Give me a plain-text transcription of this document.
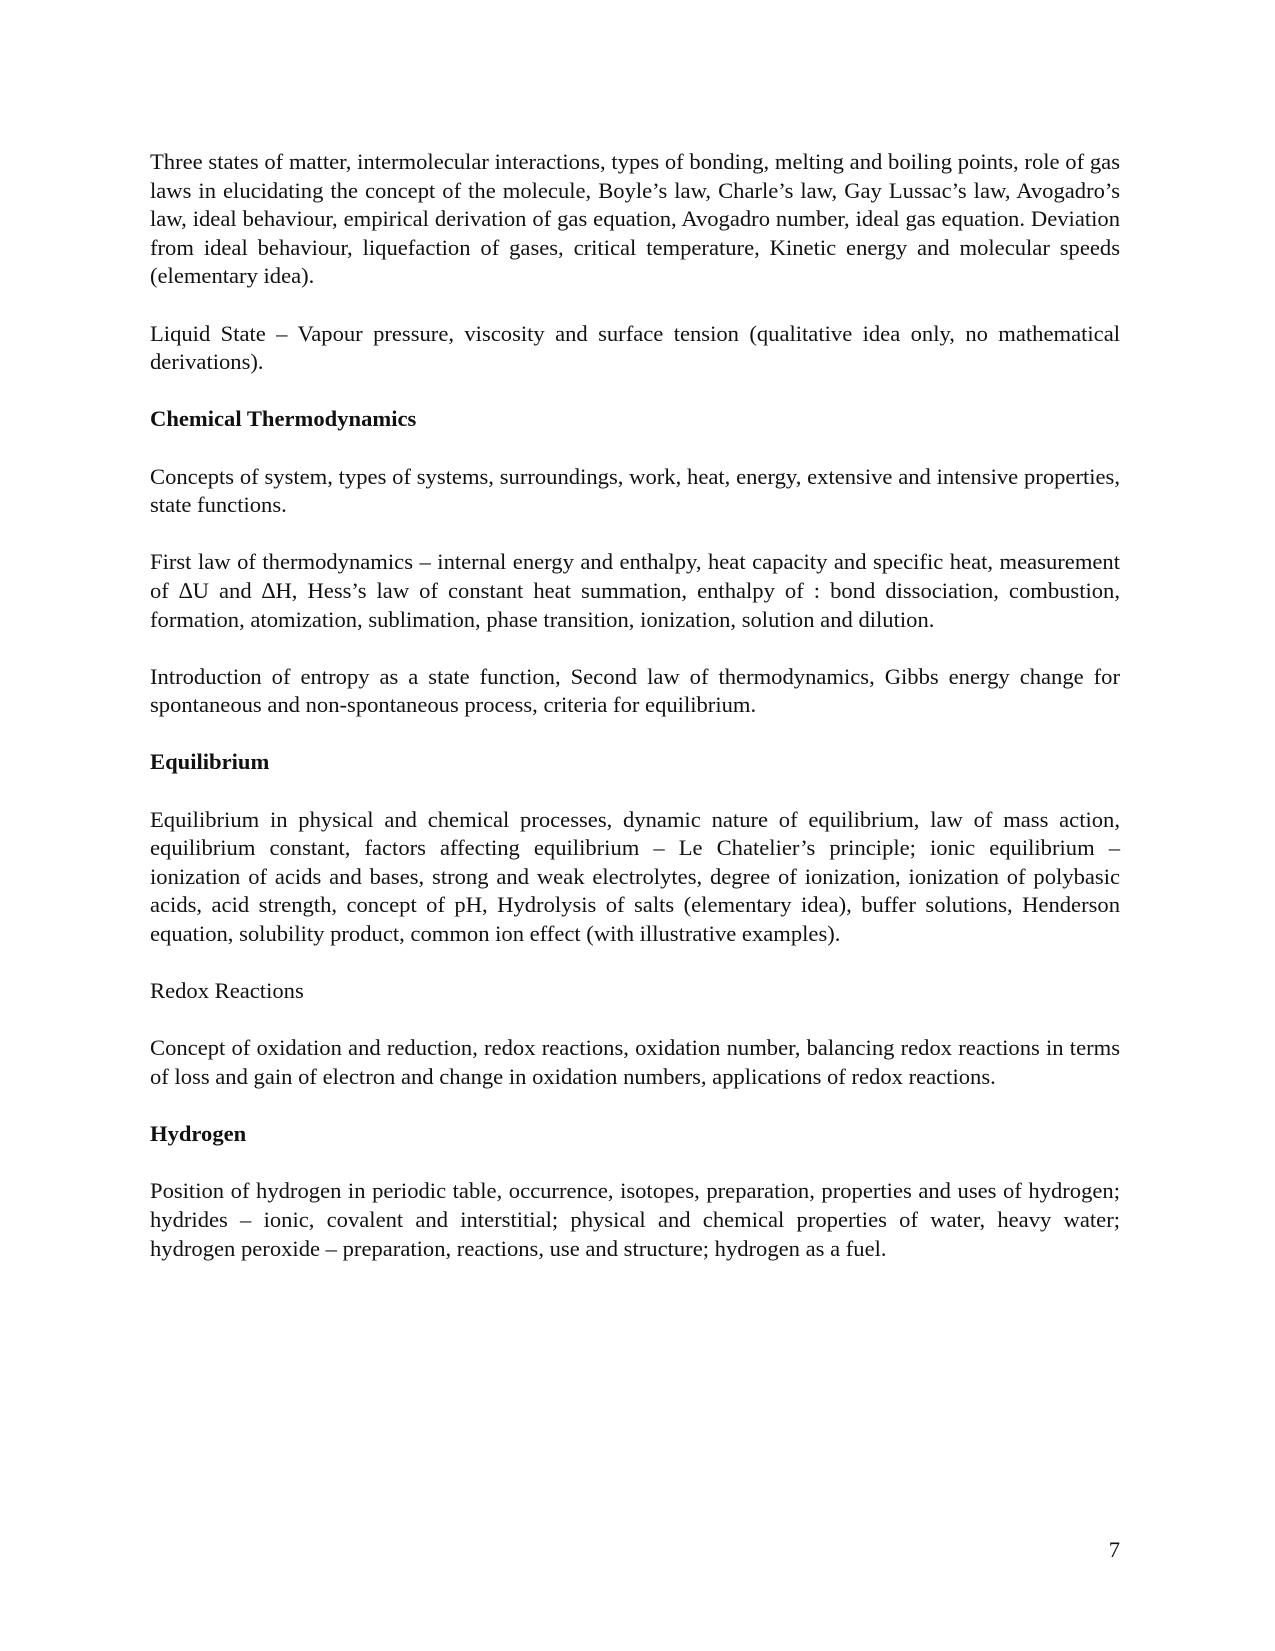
Three states of matter, intermolecular interactions, types of bonding, melting and boiling points, role of gas laws in elucidating the concept of the molecule, Boyle’s law, Charle’s law, Gay Lussac’s law, Avogadro’s law, ideal behaviour, empirical derivation of gas equation, Avogadro number, ideal gas equation. Deviation from ideal behaviour, liquefaction of gases, critical temperature, Kinetic energy and molecular speeds (elementary idea).

Liquid State – Vapour pressure, viscosity and surface tension (qualitative idea only, no mathematical derivations).

Chemical Thermodynamics

Concepts of system, types of systems, surroundings, work, heat, energy, extensive and intensive properties, state functions.

First law of thermodynamics – internal energy and enthalpy, heat capacity and specific heat, measurement of ∆U and ∆H, Hess’s law of constant heat summation, enthalpy of : bond dissociation, combustion, formation, atomization, sublimation, phase transition, ionization, solution and dilution.

Introduction of entropy as a state function, Second law of thermodynamics, Gibbs energy change for spontaneous and non-spontaneous process, criteria for equilibrium.

Equilibrium

Equilibrium in physical and chemical processes, dynamic nature of equilibrium, law of mass action, equilibrium constant, factors affecting equilibrium – Le Chatelier’s principle; ionic equilibrium – ionization of acids and bases, strong and weak electrolytes, degree of ionization, ionization of polybasic acids, acid strength, concept of pH, Hydrolysis of salts (elementary idea), buffer solutions, Henderson equation, solubility product, common ion effect (with illustrative examples).

Redox Reactions

Concept of oxidation and reduction, redox reactions, oxidation number, balancing redox reactions in terms of loss and gain of electron and change in oxidation numbers, applications of redox reactions.

Hydrogen

Position of hydrogen in periodic table, occurrence, isotopes, preparation, properties and uses of hydrogen; hydrides – ionic, covalent and interstitial; physical and chemical properties of water, heavy water; hydrogen peroxide – preparation, reactions, use and structure; hydrogen as a fuel.

7
